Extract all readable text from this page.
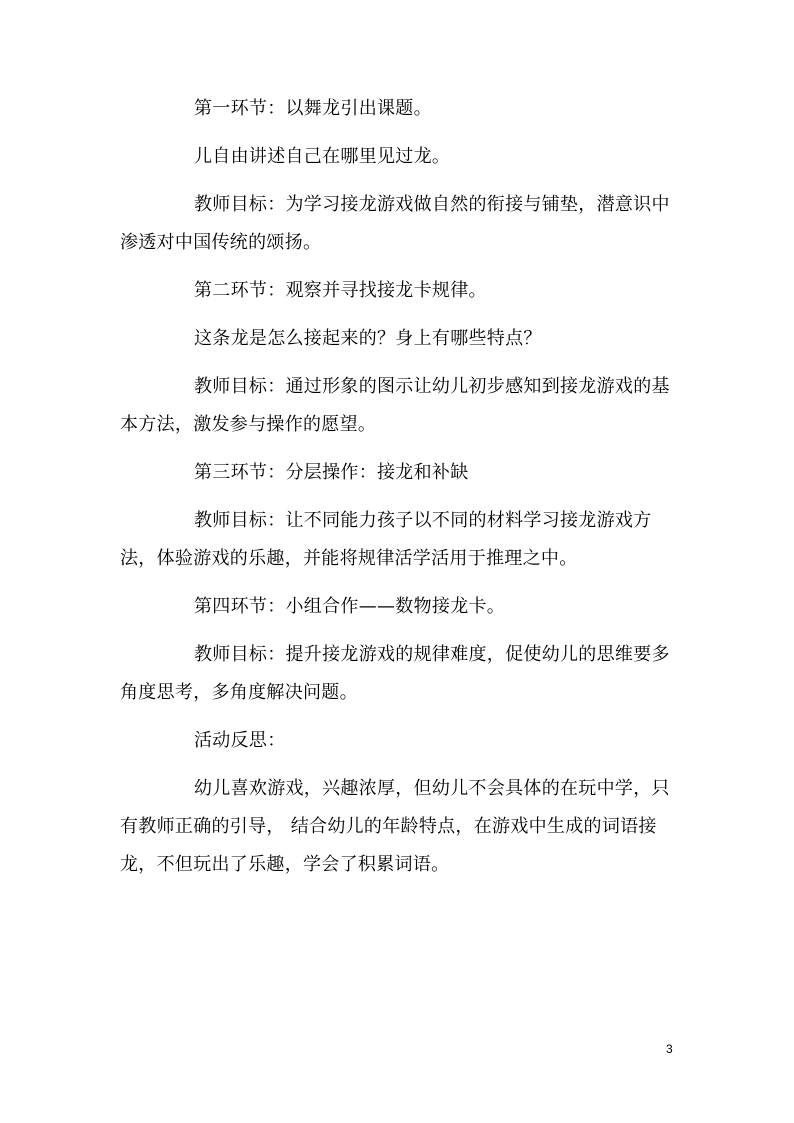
第一环节：以舞龙引出课题。

儿自由讲述自己在哪里见过龙。

教师目标：为学习接龙游戏做自然的衔接与铺垫，潜意识中渗透对中国传统的颂扬。

第二环节：观察并寻找接龙卡规律。

这条龙是怎么接起来的？身上有哪些特点？

教师目标：通过形象的图示让幼儿初步感知到接龙游戏的基本方法，激发参与操作的愿望。

第三环节：分层操作：接龙和补缺

教师目标：让不同能力孩子以不同的材料学习接龙游戏方法，体验游戏的乐趣，并能将规律活学活用于推理之中。

第四环节：小组合作——数物接龙卡。

教师目标：提升接龙游戏的规律难度，促使幼儿的思维要多角度思考，多角度解决问题。

活动反思：

幼儿喜欢游戏，兴趣浓厚，但幼儿不会具体的在玩中学，只有教师正确的引导， 结合幼儿的年龄特点，在游戏中生成的词语接龙，不但玩出了乐趣，学会了积累词语。

3
